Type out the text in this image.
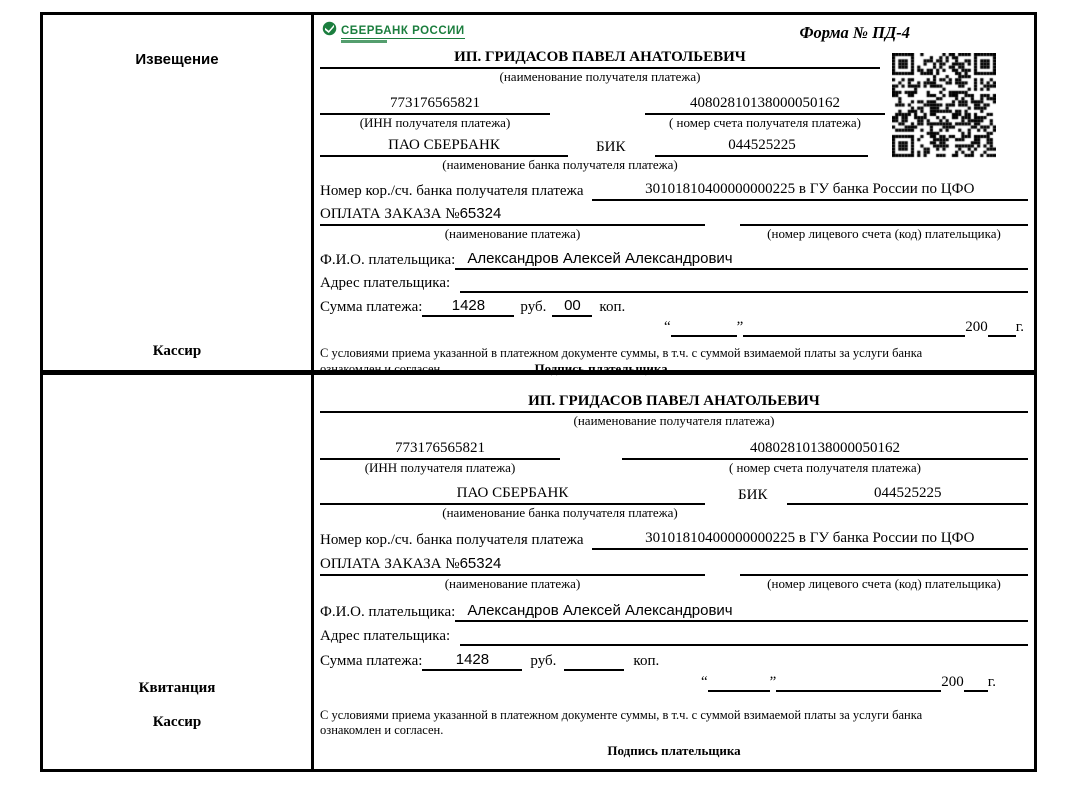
Извещение
Кассир
СБЕРБАНК РОССИИ	Форма № ПД-4
ИП. ГРИДАСОВ ПАВЕЛ АНАТОЛЬЕВИЧ
(наименование получателя платежа)
773176565821	40802810138000050162
(ИНН получателя платежа)	( номер счета получателя платежа)
ПАО СБЕРБАНК	БИК	044525225
(наименование банка получателя платежа)
Номер кор./сч. банка получателя платежа	30101810400000000225 в ГУ банка России по ЦФО
ОПЛАТА ЗАКАЗА №65324
(наименование платежа)	(номер лицевого счета (код) плательщика)
Ф.И.О. плательщика: Александров Алексей Александрович
Адрес плательщика:
Сумма платежа:	1428	руб.	00	коп.
“	”	200 г.
С условиями приема указанной в платежном документе суммы, в т.ч. с суммой взимаемой платы за услуги банка
ознакомлен и согласен.	Подпись плательщика
Квитанция
Кассир
ИП. ГРИДАСОВ ПАВЕЛ АНАТОЛЬЕВИЧ
(наименование получателя платежа)
773176565821	40802810138000050162
(ИНН получателя платежа)	( номер счета получателя платежа)
ПАО СБЕРБАНК	БИК	044525225
(наименование банка получателя платежа)
Номер кор./сч. банка получателя платежа	30101810400000000225 в ГУ банка России по ЦФО
ОПЛАТА ЗАКАЗА №65324
(наименование платежа)	(номер лицевого счета (код) плательщика)
Ф.И.О. плательщика: Александров Алексей Александрович
Адрес плательщика:
Сумма платежа:	1428	руб.	коп.
“	”	200 г.
С условиями приема указанной в платежном документе суммы, в т.ч. с суммой взимаемой платы за услуги банка
ознакомлен и согласен.
Подпись плательщика
